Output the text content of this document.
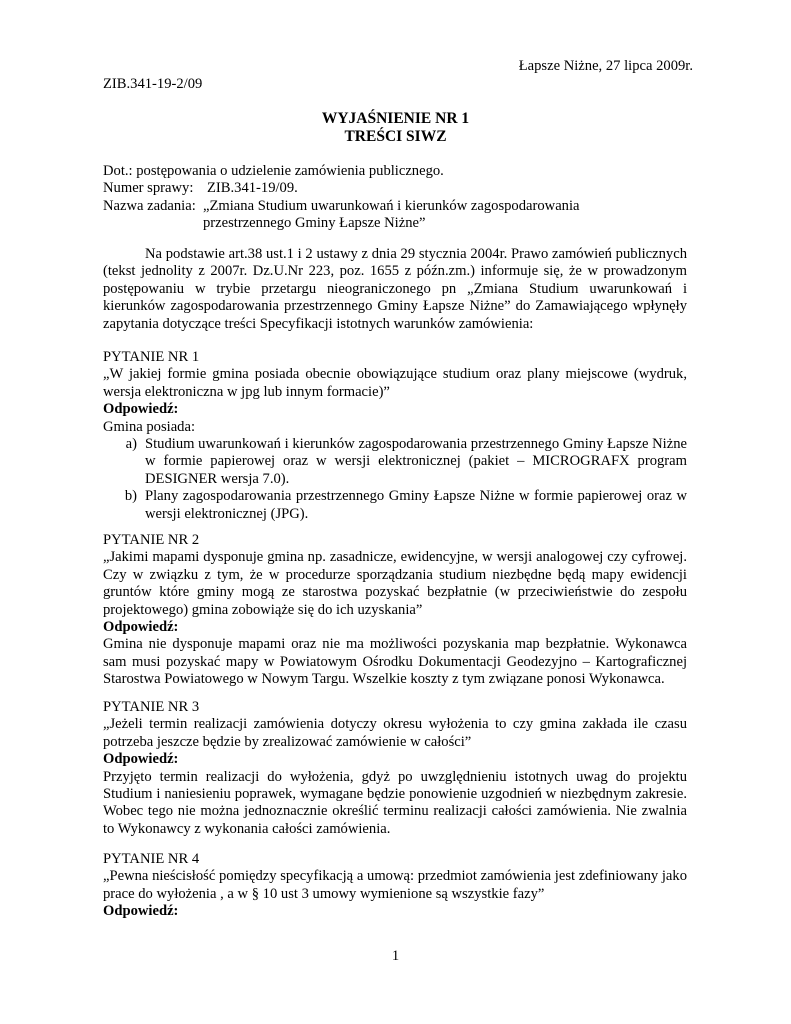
Łapsze Niżne, 27 lipca 2009r.
ZIB.341-19-2/09
WYJAŚNIENIE NR 1
TREŚCI SIWZ
Dot.: postępowania o udzielenie zamówienia publicznego.
Numer sprawy: ZIB.341-19/09.
Nazwa zadania: „Zmiana Studium uwarunkowań i kierunków zagospodarowania
przestrzennego Gminy Łapsze Niżne”

Na podstawie art.38 ust.1 i 2 ustawy z dnia 29 stycznia 2004r. Prawo zamówień publicznych (tekst jednolity z 2007r. Dz.U.Nr 223, poz. 1655 z późn.zm.) informuje się, że w prowadzonym postępowaniu w trybie przetargu nieograniczonego pn „Zmiana Studium uwarunkowań i kierunków zagospodarowania przestrzennego Gminy Łapsze Niżne” do Zamawiającego wpłynęły zapytania dotyczące treści Specyfikacji istotnych warunków zamówienia:

PYTANIE NR 1

„W jakiej formie gmina posiada obecnie obowiązujące studium oraz plany miejscowe (wydruk, wersja elektroniczna w jpg lub innym formacie)”

Odpowiedź:
Gmina posiada:
a) Studium uwarunkowań i kierunków zagospodarowania przestrzennego Gminy Łapsze Niżne w formie papierowej oraz w wersji elektronicznej (pakiet – MICROGRAFX program DESIGNER wersja 7.0).
b) Plany zagospodarowania przestrzennego Gminy Łapsze Niżne w formie papierowej oraz w wersji elektronicznej (JPG).
PYTANIE NR 2

„Jakimi mapami dysponuje gmina np. zasadnicze, ewidencyjne, w wersji analogowej czy cyfrowej. Czy w związku z tym, że w procedurze sporządzania studium niezbędne będą mapy ewidencji gruntów które gminy mogą ze starostwa pozyskać bezpłatnie (w przeciwieństwie do zespołu projektowego) gmina zobowiąże się do ich uzyskania”

Odpowiedź:

Gmina nie dysponuje mapami oraz nie ma możliwości pozyskania map bezpłatnie. Wykonawca sam musi pozyskać mapy w Powiatowym Ośrodku Dokumentacji Geodezyjno – Kartograficznej Starostwa Powiatowego w Nowym Targu. Wszelkie koszty z tym związane ponosi Wykonawca.

PYTANIE NR 3

„Jeżeli termin realizacji zamówienia dotyczy okresu wyłożenia to czy gmina zakłada ile czasu potrzeba jeszcze będzie by zrealizować zamówienie w całości”

Odpowiedź:

Przyjęto termin realizacji do wyłożenia, gdyż po uwzględnieniu istotnych uwag do projektu Studium i naniesieniu poprawek, wymagane będzie ponowienie uzgodnień w niezbędnym zakresie. Wobec tego nie można jednoznacznie określić terminu realizacji całości zamówienia. Nie zwalnia to Wykonawcy z wykonania całości zamówienia.

PYTANIE NR 4

„Pewna nieścisłość pomiędzy specyfikacją a umową: przedmiot zamówienia jest zdefiniowany jako prace do wyłożenia , a w § 10 ust 3 umowy wymienione są wszystkie fazy”

Odpowiedź:
1
